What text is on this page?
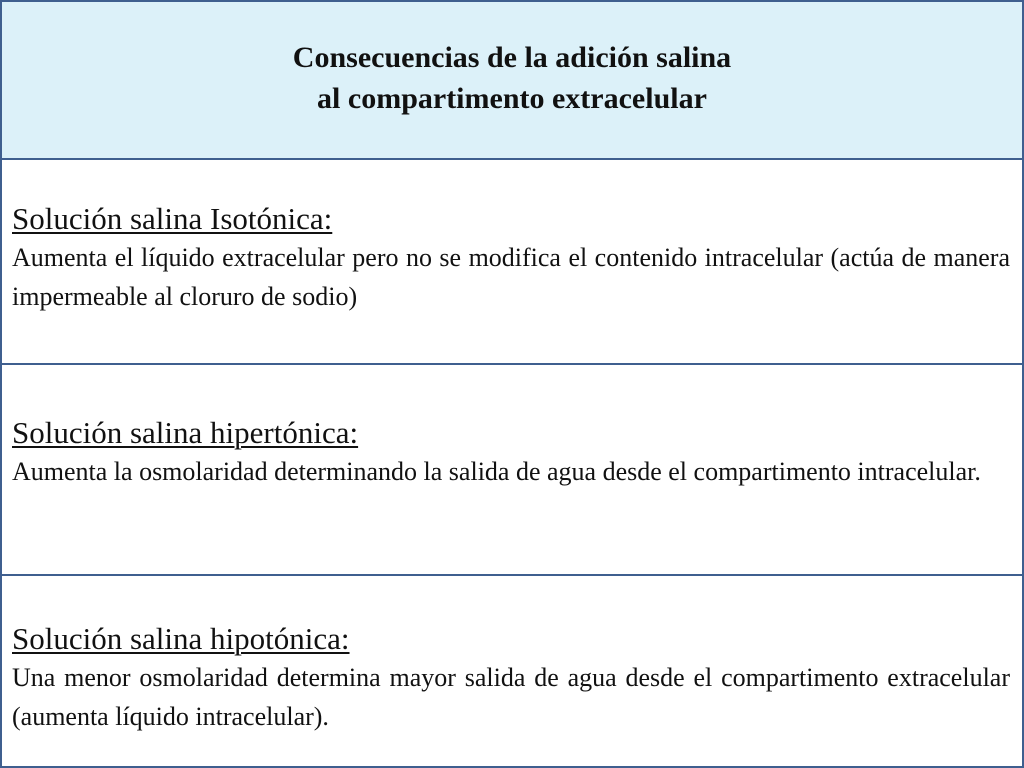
Consecuencias de la adición salina
al compartimento extracelular

Solución salina Isotónica:

Aumenta el líquido extracelular pero no se modifica el contenido intracelular (actúa de manera impermeable al cloruro de sodio)

Solución salina hipertónica:

Aumenta la osmolaridad determinando la salida de agua desde el compartimento intracelular.

Solución salina hipotónica:

Una menor osmolaridad determina mayor salida de agua desde el compartimento extracelular (aumenta líquido intracelular).
